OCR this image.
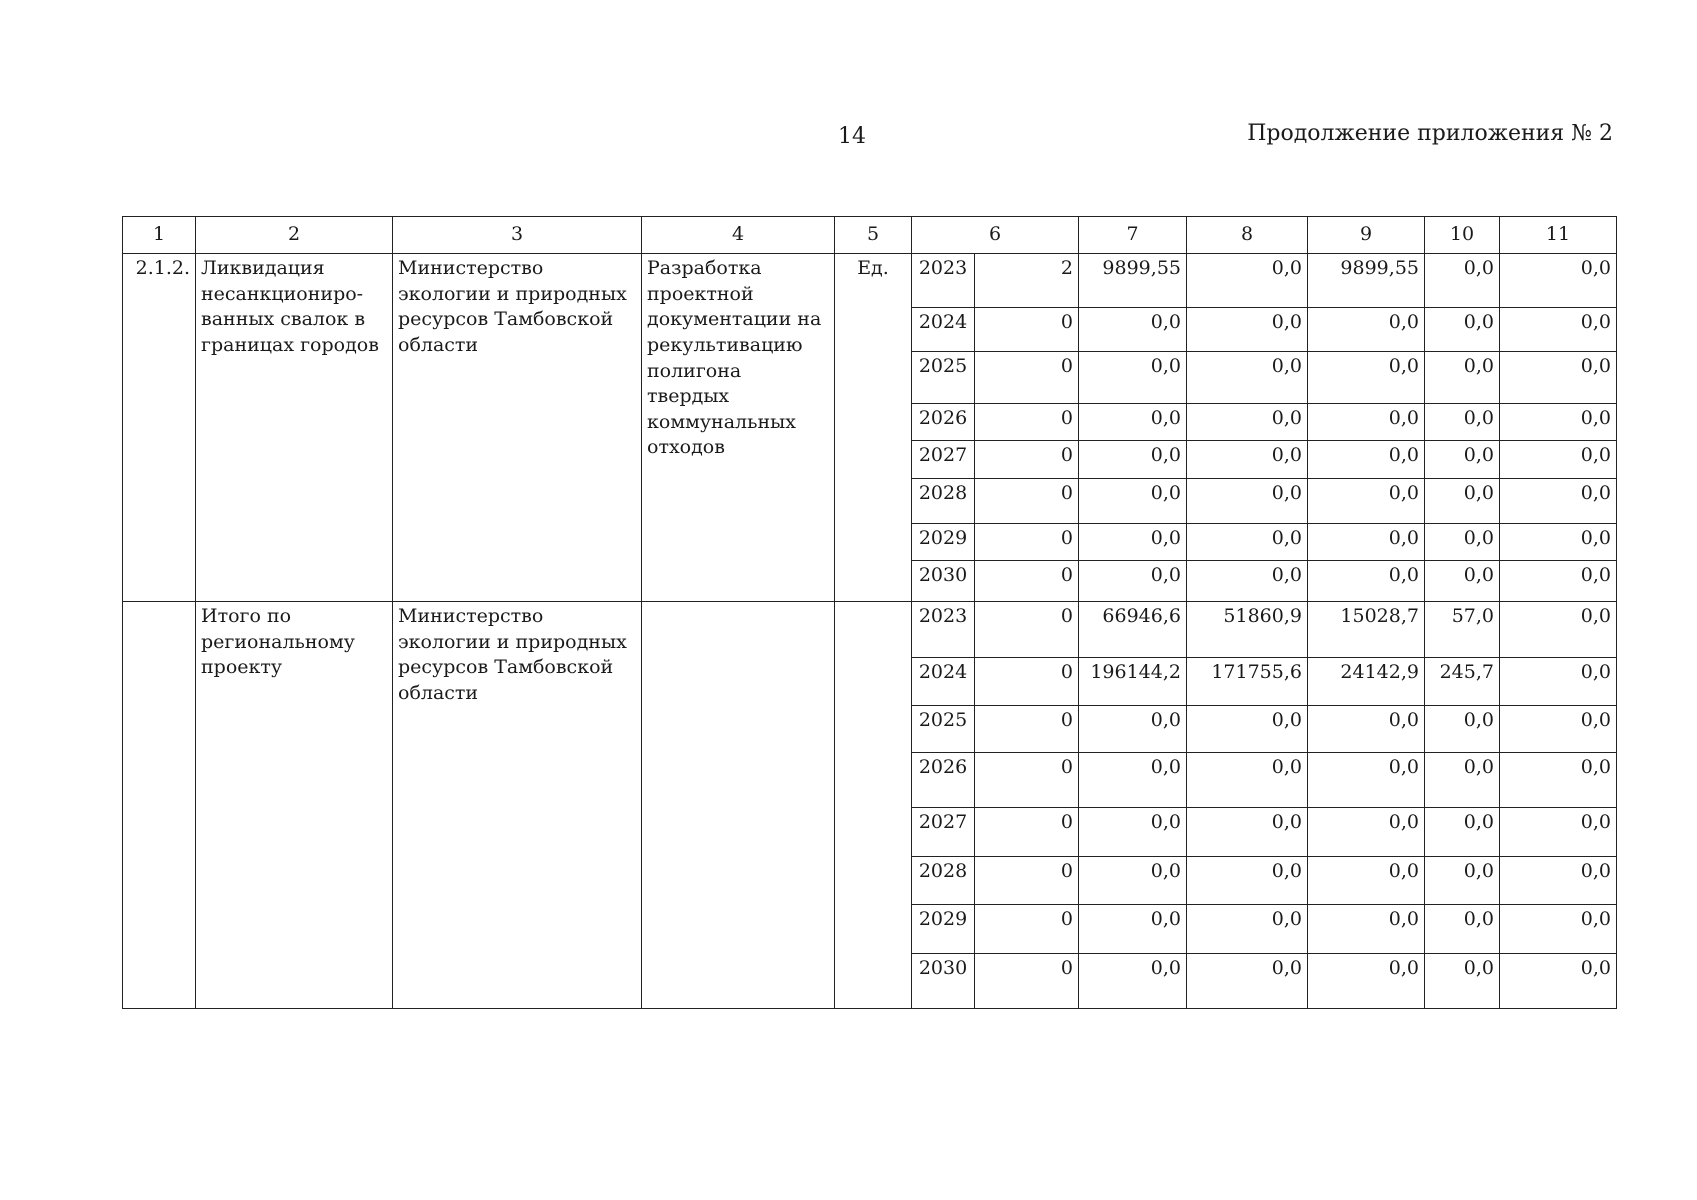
14	Продолжение приложения № 2
1	2	3	4	5	6		7	8	9	10	11
2.1.2.	Ликвидация несанкциониро-ванных свалок в границах городов	Министерство экологии и природных ресурсов Тамбовской области	Разработка проектной документации на рекультивацию полигона твердых коммунальных отходов	Ед.	2023	2	9899,55	0,0	9899,55	0,0	0,0
					2024	0	0,0	0,0	0,0	0,0	0,0
					2025	0	0,0	0,0	0,0	0,0	0,0
					2026	0	0,0	0,0	0,0	0,0	0,0
					2027	0	0,0	0,0	0,0	0,0	0,0
					2028	0	0,0	0,0	0,0	0,0	0,0
					2029	0	0,0	0,0	0,0	0,0	0,0
					2030	0	0,0	0,0	0,0	0,0	0,0
	Итого по региональному проекту	Министерство экологии и природных ресурсов Тамбовской области			2023	0	66946,6	51860,9	15028,7	57,0	0,0
					2024	0	196144,2	171755,6	24142,9	245,7	0,0
					2025	0	0,0	0,0	0,0	0,0	0,0
					2026	0	0,0	0,0	0,0	0,0	0,0
					2027	0	0,0	0,0	0,0	0,0	0,0
					2028	0	0,0	0,0	0,0	0,0	0,0
					2029	0	0,0	0,0	0,0	0,0	0,0
					2030	0	0,0	0,0	0,0	0,0	0,0
